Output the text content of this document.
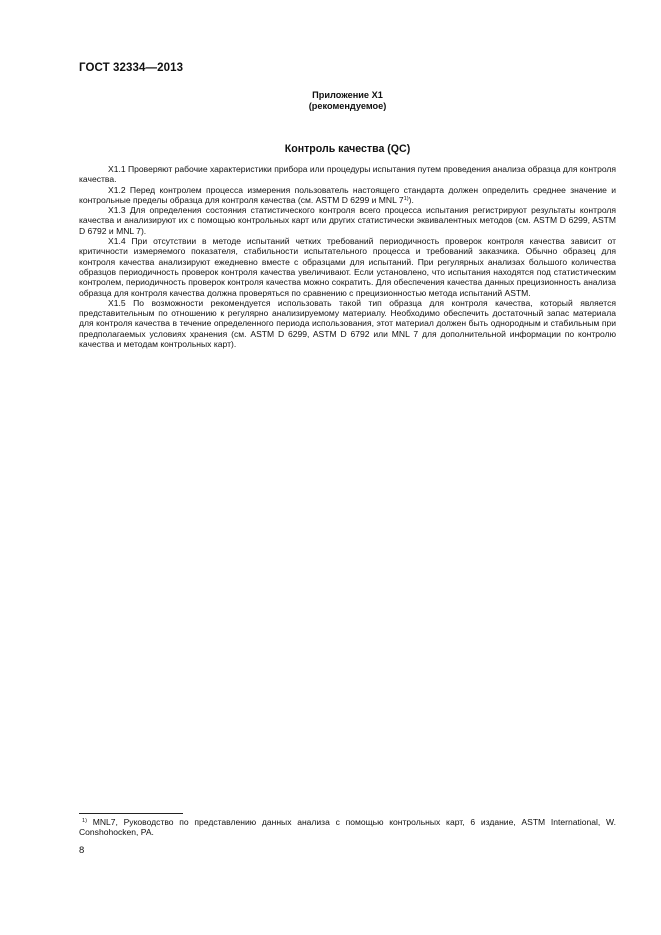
ГОСТ 32334—2013
Приложение Х1
(рекомендуемое)
Контроль качества (QC)

X1.1 Проверяют рабочие характеристики прибора или процедуры испытания путем проведения анализа образца для контроля качества.

X1.2 Перед контролем процесса измерения пользователь настоящего стандарта должен определить среднее значение и контрольные пределы образца для контроля качества (см. ASTM D 6299 и MNL 7$^{1)}$).

X1.3 Для определения состояния статистического контроля всего процесса испытания регистрируют результаты контроля качества и анализируют их с помощью контрольных карт или других статистически эквивалентных методов (см. ASTM D 6299, ASTM D 6792 и MNL 7).

X1.4 При отсутствии в методе испытаний четких требований периодичность проверок контроля качества зависит от критичности измеряемого показателя, стабильности испытательного процесса и требований заказчика. Обычно образец для контроля качества анализируют ежедневно вместе с образцами для испытаний. При регулярных анализах большого количества образцов периодичность проверок контроля качества увеличивают. Если установлено, что испытания находятся под статистическим контролем, периодичность проверок контроля качества можно сократить. Для обеспечения качества данных прецизионность анализа образца для контроля качества должна проверяться по сравнению с прецизионностью метода испытаний ASTM.

X1.5 По возможности рекомендуется использовать такой тип образца для контроля качества, который является представительным по отношению к регулярно анализируемому материалу. Необходимо обеспечить достаточный запас материала для контроля качества в течение определенного периода использования, этот материал должен быть однородным и стабильным при предполагаемых условиях хранения (см. ASTM D 6299, ASTM D 6792 или MNL 7 для дополнительной информации по контролю качества и методам контрольных карт).

$^{1)}$ MNL7, Руководство по представлению данных анализа с помощью контрольных карт, 6 издание, ASTM International, W. Conshohocken, PA.
8
